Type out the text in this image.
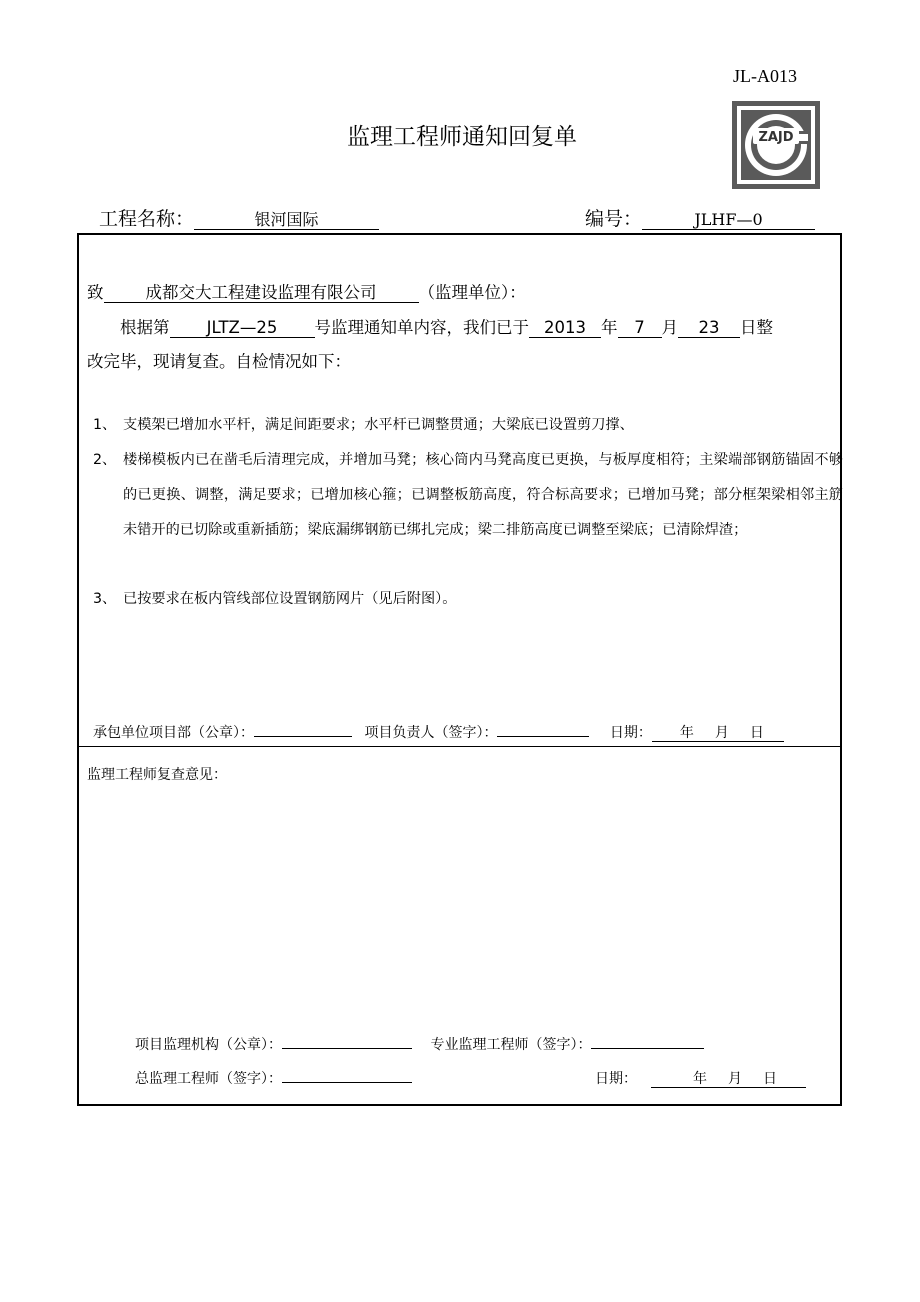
JL-A013
监理工程师通知回复单	ZAJD
工程名称：	银河国际	编号：	JLHF—0
致	成都交大工程建设监理有限公司	（监理单位）：
根据第 JLTZ—25 号监理通知单内容，我们已于 2013 年 7 月 23 日整
改完毕，现请复查。自检情况如下：
1、 支模架已增加水平杆，满足间距要求；水平杆已调整贯通；大梁底已设置剪刀撑、
2、 楼梯模板内已在凿毛后清理完成，并增加马凳；核心筒内马凳高度已更换，与板厚度相符；主梁端部钢筋锚固不够的已更换、调整，满足要求；已增加核心箍；已调整板筋高度，符合标高要求；已增加马凳；部分框架梁相邻主筋未错开的已切除或重新插筋；梁底漏绑钢筋已绑扎完成；梁二排筋高度已调整至梁底；已清除焊渣；
3、 已按要求在板内管线部位设置钢筋网片（见后附图）。
承包单位项目部（公章）：	项目负责人（签字）：	日期：     年    月    日
监理工程师复查意见：
项目监理机构（公章）：	专业监理工程师（签字）：
总监理工程师（签字）：	日期：      	年    月    日
